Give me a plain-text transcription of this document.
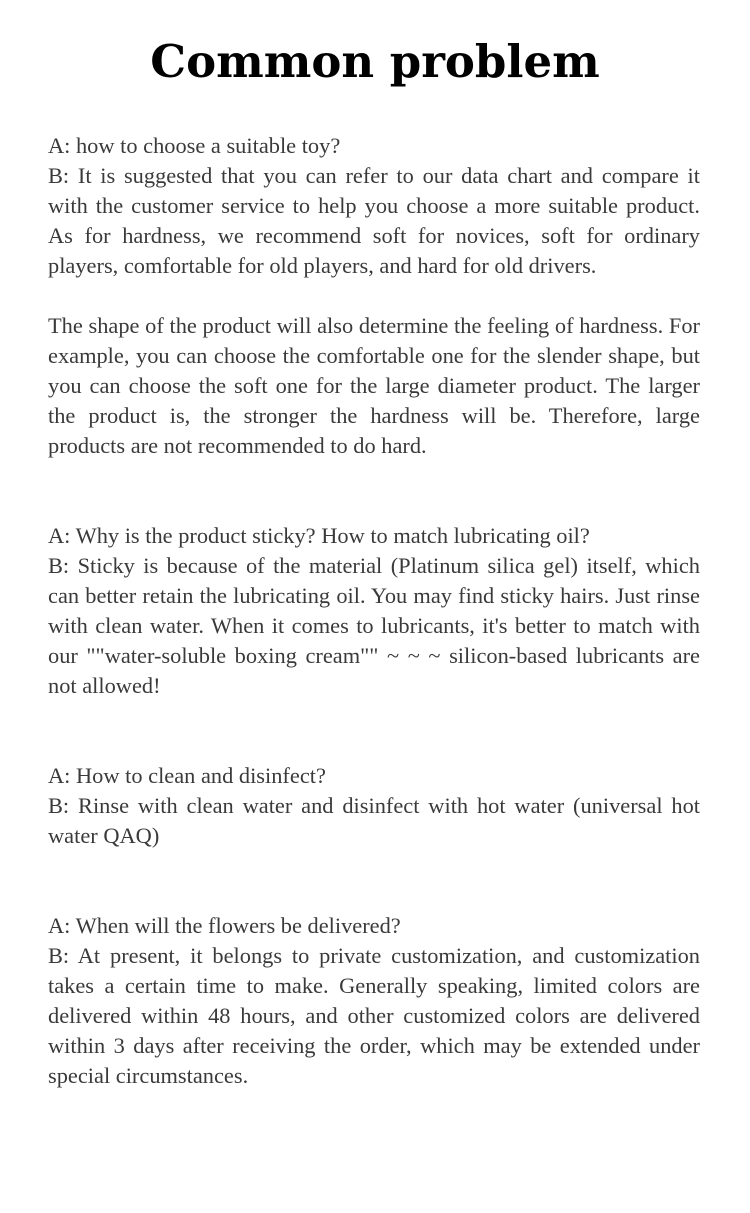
Common problem

A: how to choose a suitable toy?

B: It is suggested that you can refer to our data chart and compare it with the customer service to help you choose a more suitable product. As for hardness, we recommend soft for novices, soft for ordinary players, comfortable for old players, and hard for old drivers.

The shape of the product will also determine the feeling of hardness. For example, you can choose the comfortable one for the slender shape, but you can choose the soft one for the large diameter product. The larger the product is, the stronger the hardness will be. Therefore, large products are not recommended to do hard.

A: Why is the product sticky? How to match lubricating oil?

B: Sticky is because of the material (Platinum silica gel) itself, which can better retain the lubricating oil. You may find sticky hairs. Just rinse with clean water. When it comes to lubricants, it's better to match with our ""water-soluble boxing cream"" ~ ~ ~ silicon-based lubricants are not allowed!

A: How to clean and disinfect?

B: Rinse with clean water and disinfect with hot water (universal hot water QAQ)

A: When will the flowers be delivered?

B: At present, it belongs to private customization, and customization takes a certain time to make. Generally speaking, limited colors are delivered within 48 hours, and other customized colors are delivered within 3 days after receiving the order, which may be extended under special circumstances.
